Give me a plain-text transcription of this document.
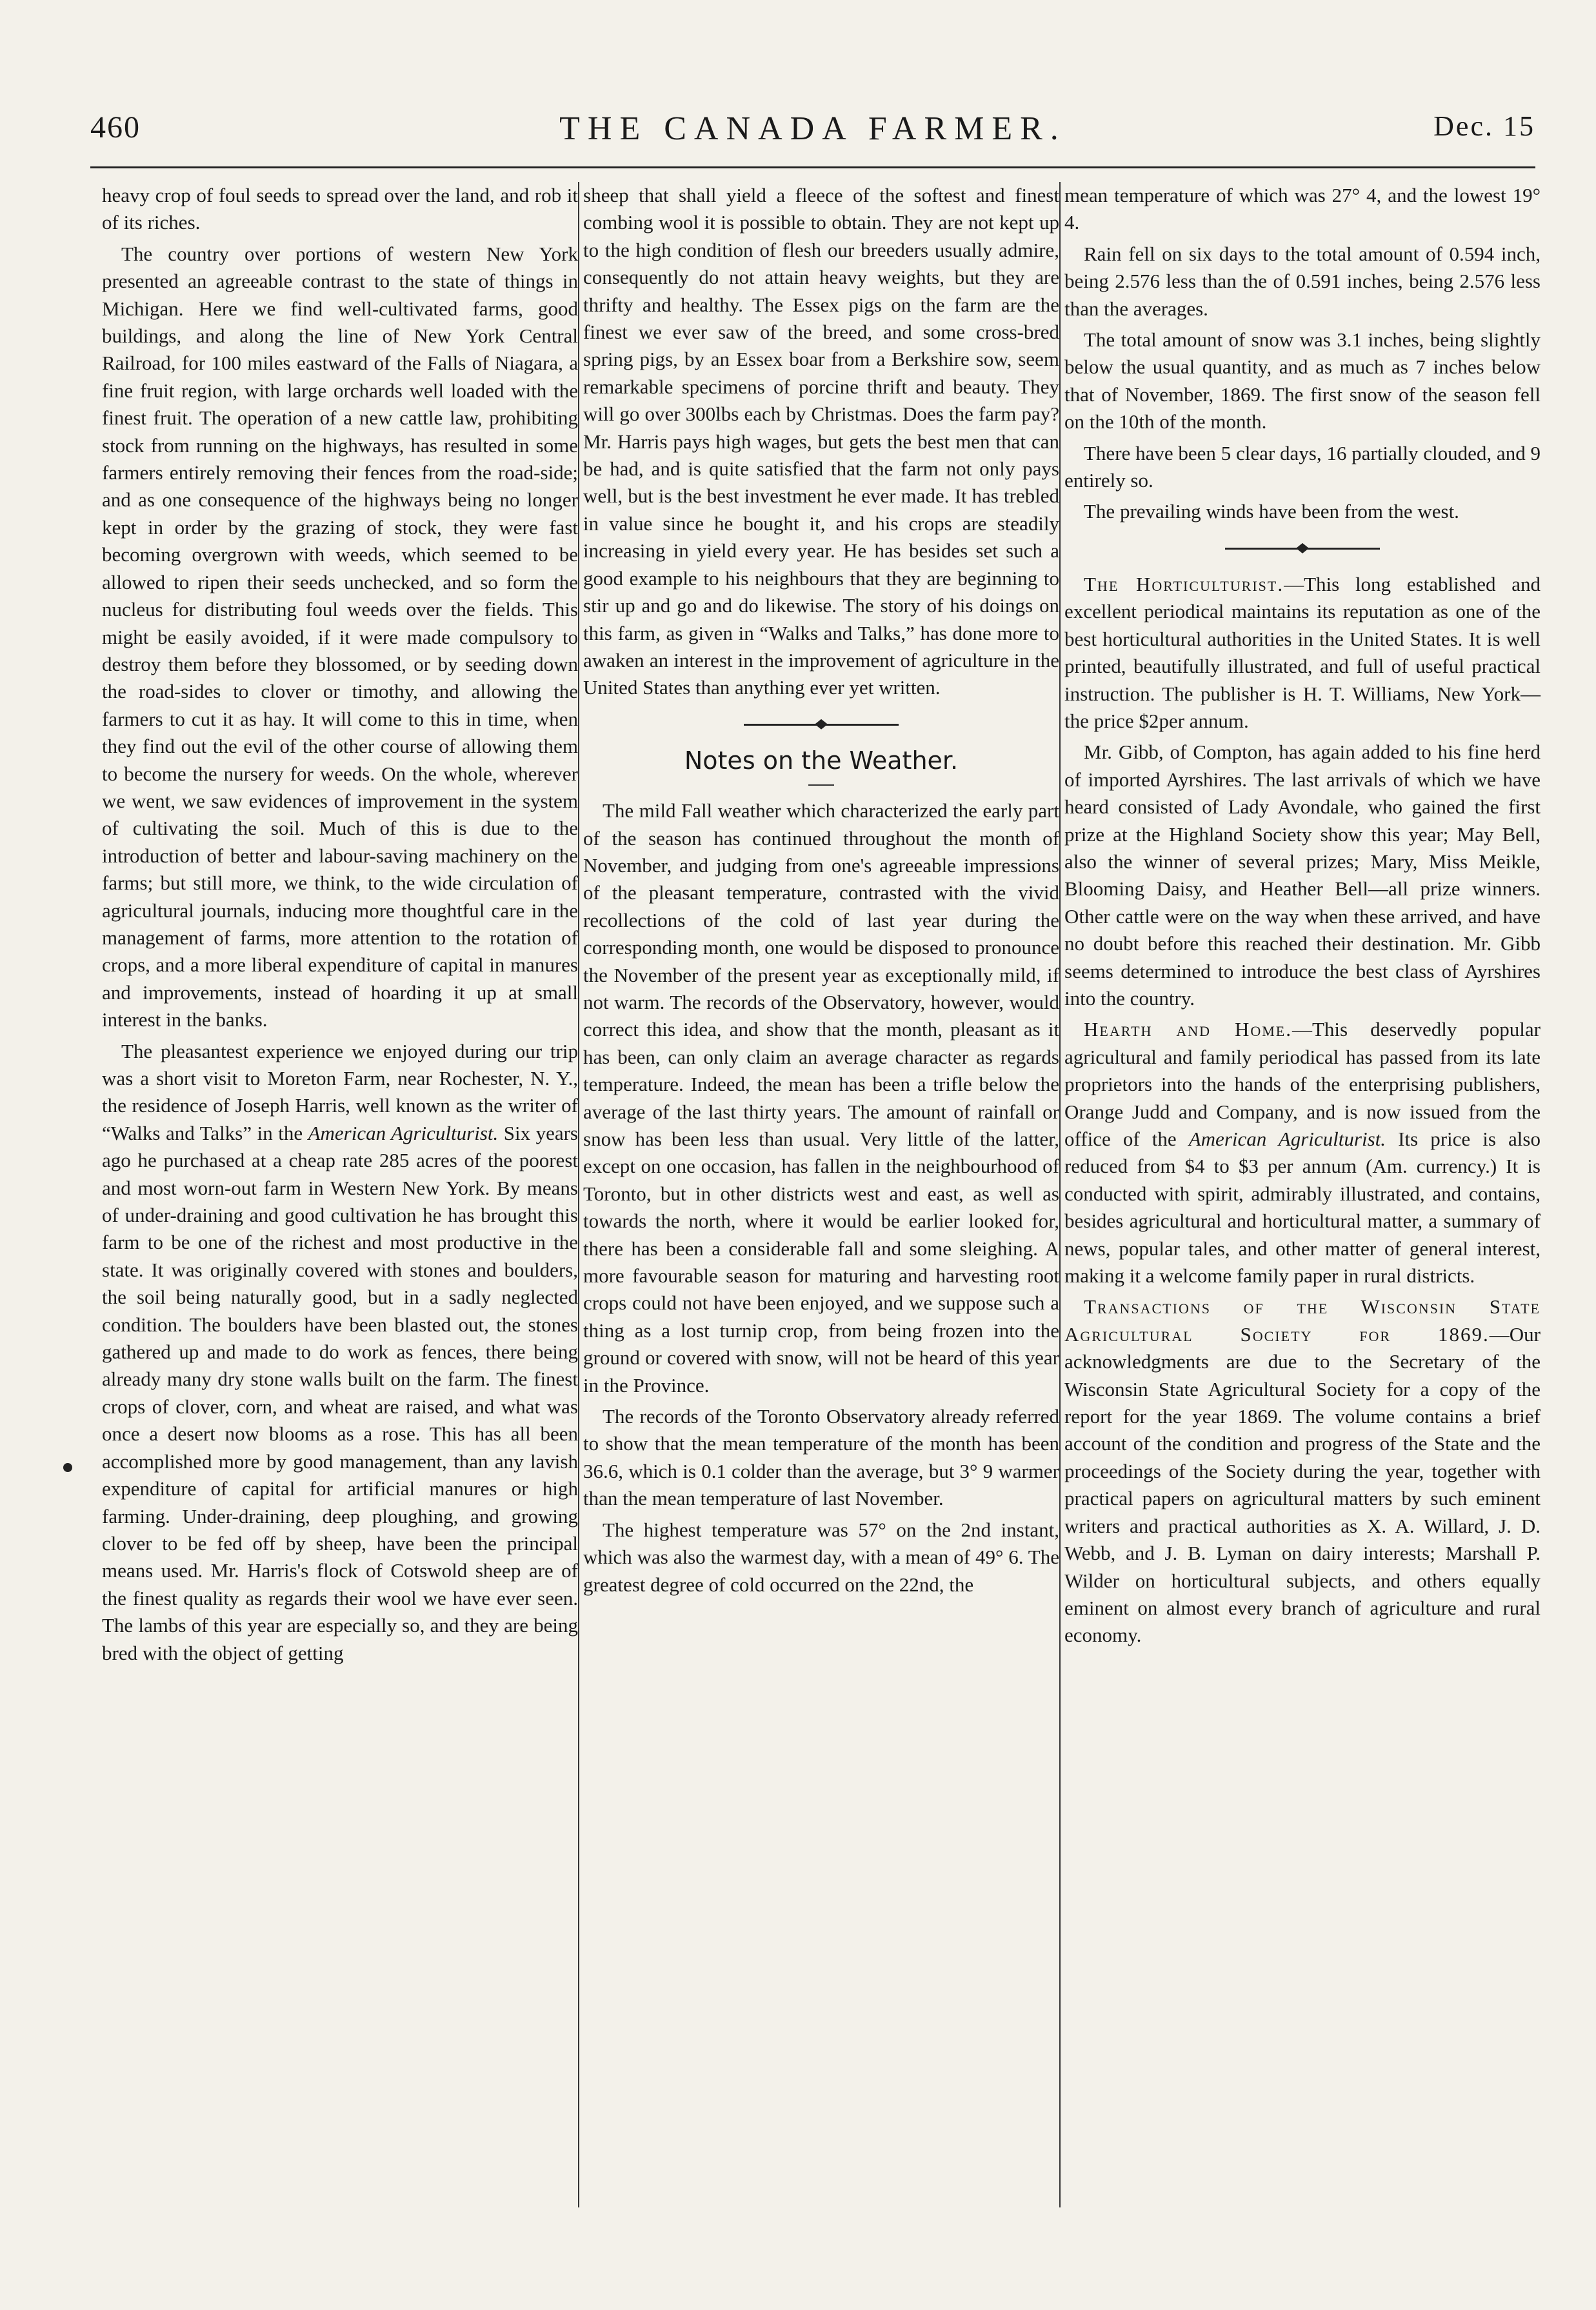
460	THE CANADA FARMER.	Dec. 15

heavy crop of foul seeds to spread over the land, and rob it of its riches.

The country over portions of western New York presented an agreeable contrast to the state of things in Michigan. Here we find well-cultivated farms, good buildings, and along the line of New York Central Railroad, for 100 miles eastward of the Falls of Niagara, a fine fruit region, with large orchards well loaded with the finest fruit. The operation of a new cattle law, prohibiting stock from running on the highways, has resulted in some farmers entirely removing their fences from the road-side; and as one consequence of the highways being no longer kept in order by the grazing of stock, they were fast becoming overgrown with weeds, which seemed to be allowed to ripen their seeds unchecked, and so form the nucleus for distributing foul weeds over the fields. This might be easily avoided, if it were made compulsory to destroy them before they blossomed, or by seeding down the road-sides to clover or timothy, and allowing the farmers to cut it as hay. It will come to this in time, when they find out the evil of the other course of allowing them to become the nursery for weeds. On the whole, wherever we went, we saw evidences of improvement in the system of cultivating the soil. Much of this is due to the introduction of better and labour-saving machinery on the farms; but still more, we think, to the wide circulation of agricultural journals, inducing more thoughtful care in the management of farms, more attention to the rotation of crops, and a more liberal expenditure of capital in manures and improvements, instead of hoarding it up at small interest in the banks.

The pleasantest experience we enjoyed during our trip was a short visit to Moreton Farm, near Rochester, N. Y., the residence of Joseph Harris, well known as the writer of “Walks and Talks” in the American Agriculturist. Six years ago he purchased at a cheap rate 285 acres of the poorest and most worn-out farm in Western New York. By means of under-draining and good cultivation he has brought this farm to be one of the richest and most productive in the state. It was originally covered with stones and boulders, the soil being naturally good, but in a sadly neglected condition. The boulders have been blasted out, the stones gathered up and made to do work as fences, there being already many dry stone walls built on the farm. The finest crops of clover, corn, and wheat are raised, and what was once a desert now blooms as a rose. This has all been accomplished more by good management, than any lavish expenditure of capital for artificial manures or high farming. Under-draining, deep ploughing, and growing clover to be fed off by sheep, have been the principal means used. Mr. Harris's flock of Cotswold sheep are of the finest quality as regards their wool we have ever seen. The lambs of this year are especially so, and they are being bred with the object of getting

sheep that shall yield a fleece of the softest and finest combing wool it is possible to obtain. They are not kept up to the high condition of flesh our breeders usually admire, consequently do not attain heavy weights, but they are thrifty and healthy. The Essex pigs on the farm are the finest we ever saw of the breed, and some cross-bred spring pigs, by an Essex boar from a Berkshire sow, seem remarkable specimens of porcine thrift and beauty. They will go over 300lbs each by Christmas. Does the farm pay? Mr. Harris pays high wages, but gets the best men that can be had, and is quite satisfied that the farm not only pays well, but is the best investment he ever made. It has trebled in value since he bought it, and his crops are steadily increasing in yield every year. He has besides set such a good example to his neighbours that they are beginning to stir up and go and do likewise. The story of his doings on this farm, as given in “Walks and Talks,” has done more to awaken an interest in the improvement of agriculture in the United States than anything ever yet written.

Notes on the Weather.

The mild Fall weather which characterized the early part of the season has continued throughout the month of November, and judging from one's agreeable impressions of the pleasant temperature, contrasted with the vivid recollections of the cold of last year during the corresponding month, one would be disposed to pronounce the November of the present year as exceptionally mild, if not warm. The records of the Observatory, however, would correct this idea, and show that the month, pleasant as it has been, can only claim an average character as regards temperature. Indeed, the mean has been a trifle below the average of the last thirty years. The amount of rainfall or snow has been less than usual. Very little of the latter, except on one occasion, has fallen in the neighbourhood of Toronto, but in other districts west and east, as well as towards the north, where it would be earlier looked for, there has been a considerable fall and some sleighing. A more favourable season for maturing and harvesting root crops could not have been enjoyed, and we suppose such a thing as a lost turnip crop, from being frozen into the ground or covered with snow, will not be heard of this year in the Province.

The records of the Toronto Observatory already referred to show that the mean temperature of the month has been 36.6, which is 0.1 colder than the average, but 3° 9 warmer than the mean temperature of last November.

The highest temperature was 57° on the 2nd instant, which was also the warmest day, with a mean of 49° 6. The greatest degree of cold occurred on the 22nd, the

mean temperature of which was 27° 4, and the lowest 19° 4.

Rain fell on six days to the total amount of 0.594 inch, being 2.576 less than the of 0.591 inches, being 2.576 less than the averages.

The total amount of snow was 3.1 inches, being slightly below the usual quantity, and as much as 7 inches below that of November, 1869. The first snow of the season fell on the 10th of the month.

There have been 5 clear days, 16 partially clouded, and 9 entirely so.

The prevailing winds have been from the west.

The Horticulturist.—This long established and excellent periodical maintains its reputation as one of the best horticultural authorities in the United States. It is well printed, beautifully illustrated, and full of useful practical instruction. The publisher is H. T. Williams, New York—the price $2per annum.

Mr. Gibb, of Compton, has again added to his fine herd of imported Ayrshires. The last arrivals of which we have heard consisted of Lady Avondale, who gained the first prize at the Highland Society show this year; May Bell, also the winner of several prizes; Mary, Miss Meikle, Blooming Daisy, and Heather Bell—all prize winners. Other cattle were on the way when these arrived, and have no doubt before this reached their destination. Mr. Gibb seems determined to introduce the best class of Ayrshires into the country.

Hearth and Home.—This deservedly popular agricultural and family periodical has passed from its late proprietors into the hands of the enterprising publishers, Orange Judd and Company, and is now issued from the office of the American Agriculturist. Its price is also reduced from $4 to $3 per annum (Am. currency.) It is conducted with spirit, admirably illustrated, and contains, besides agricultural and horticultural matter, a summary of news, popular tales, and other matter of general interest, making it a welcome family paper in rural districts.

Transactions of the Wisconsin State Agricultural Society for 1869.—Our acknowledgments are due to the Secretary of the Wisconsin State Agricultural Society for a copy of the report for the year 1869. The volume contains a brief account of the condition and progress of the State and the proceedings of the Society during the year, together with practical papers on agricultural matters by such eminent writers and practical authorities as X. A. Willard, J. D. Webb, and J. B. Lyman on dairy interests; Marshall P. Wilder on horticultural subjects, and others equally eminent on almost every branch of agriculture and rural economy.
